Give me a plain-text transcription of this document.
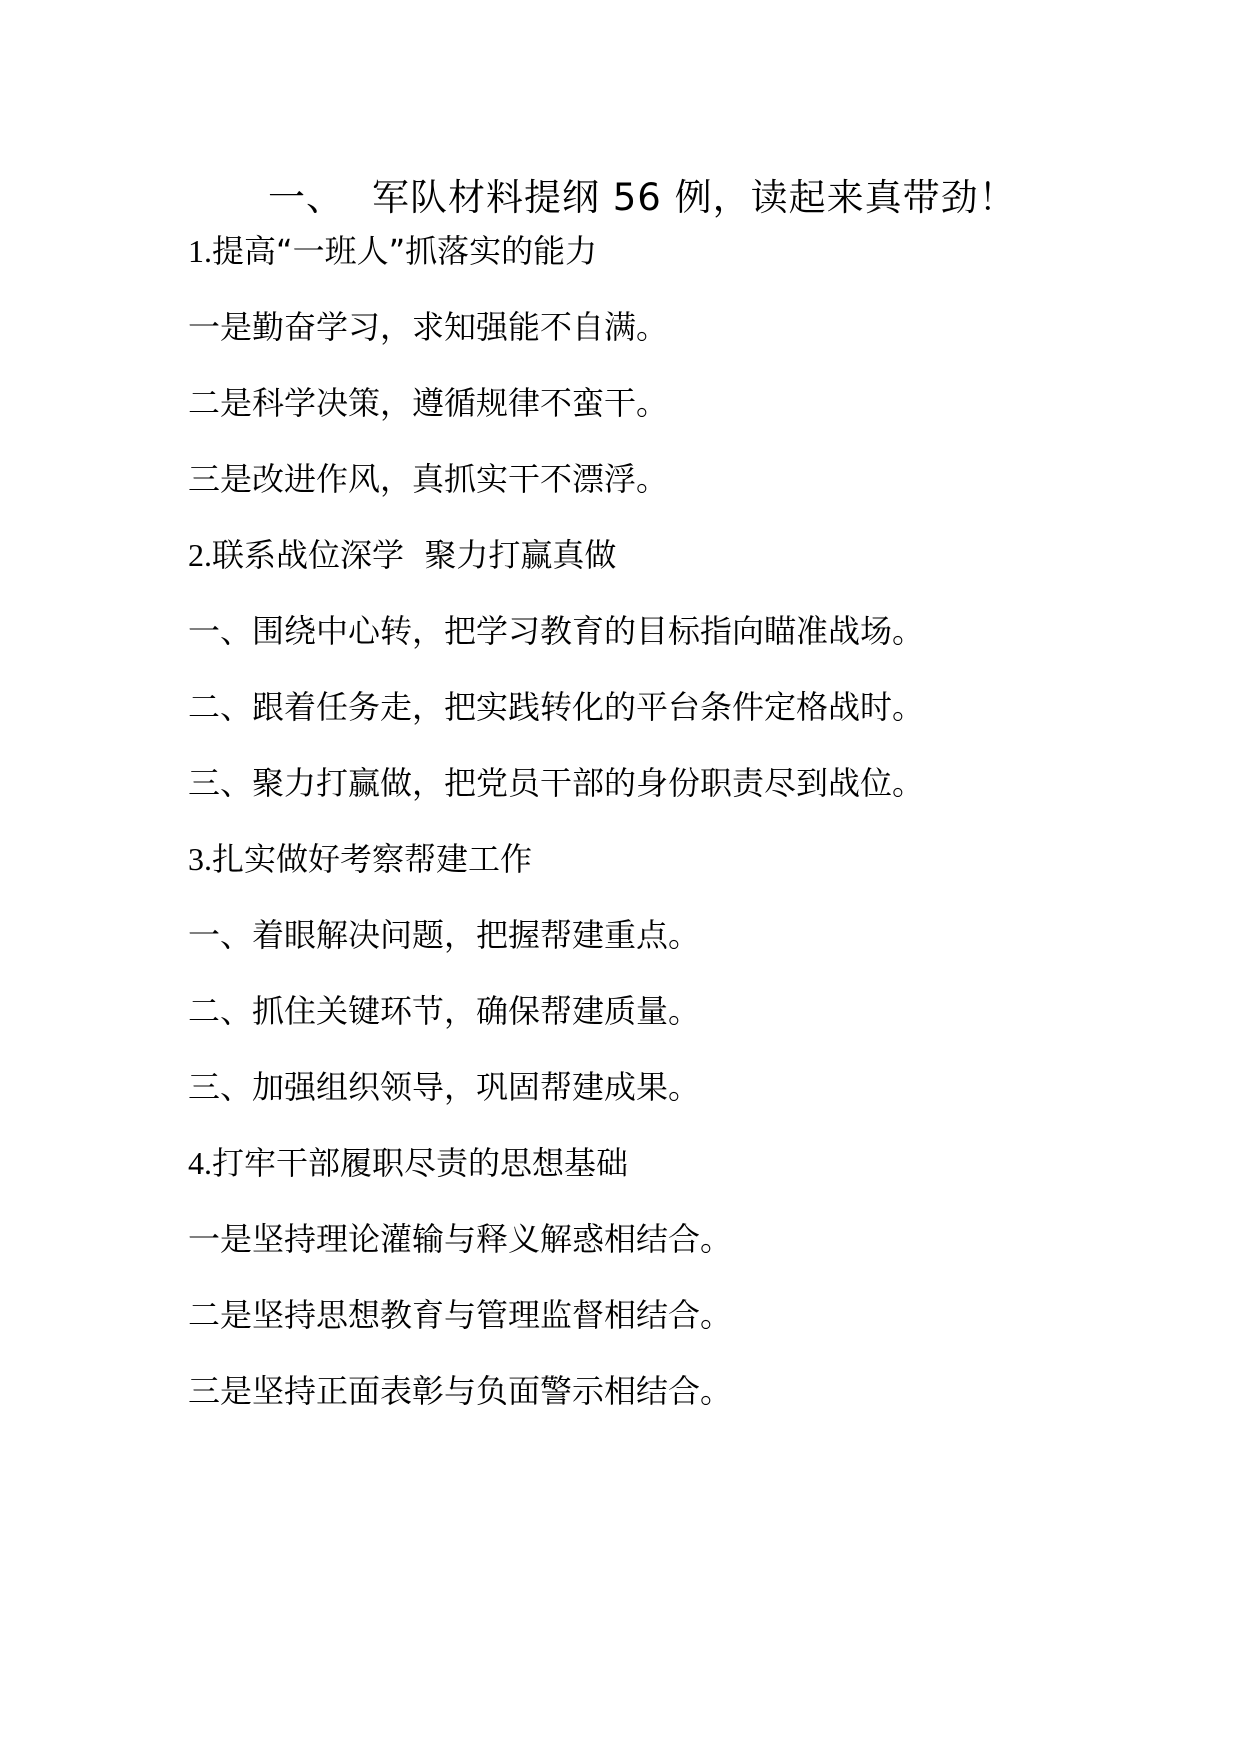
一、 军队材料提纲 56 例，读起来真带劲！
1.提高“一班人”抓落实的能力
一是勤奋学习，求知强能不自满。
二是科学决策，遵循规律不蛮干。
三是改进作风，真抓实干不漂浮。
2.联系战位深学  聚力打赢真做
一、围绕中心转，把学习教育的目标指向瞄准战场。
二、跟着任务走，把实践转化的平台条件定格战时。
三、聚力打赢做，把党员干部的身份职责尽到战位。
3.扎实做好考察帮建工作
一、着眼解决问题，把握帮建重点。
二、抓住关键环节，确保帮建质量。
三、加强组织领导，巩固帮建成果。
4.打牢干部履职尽责的思想基础
一是坚持理论灌输与释义解惑相结合。
二是坚持思想教育与管理监督相结合。
三是坚持正面表彰与负面警示相结合。
